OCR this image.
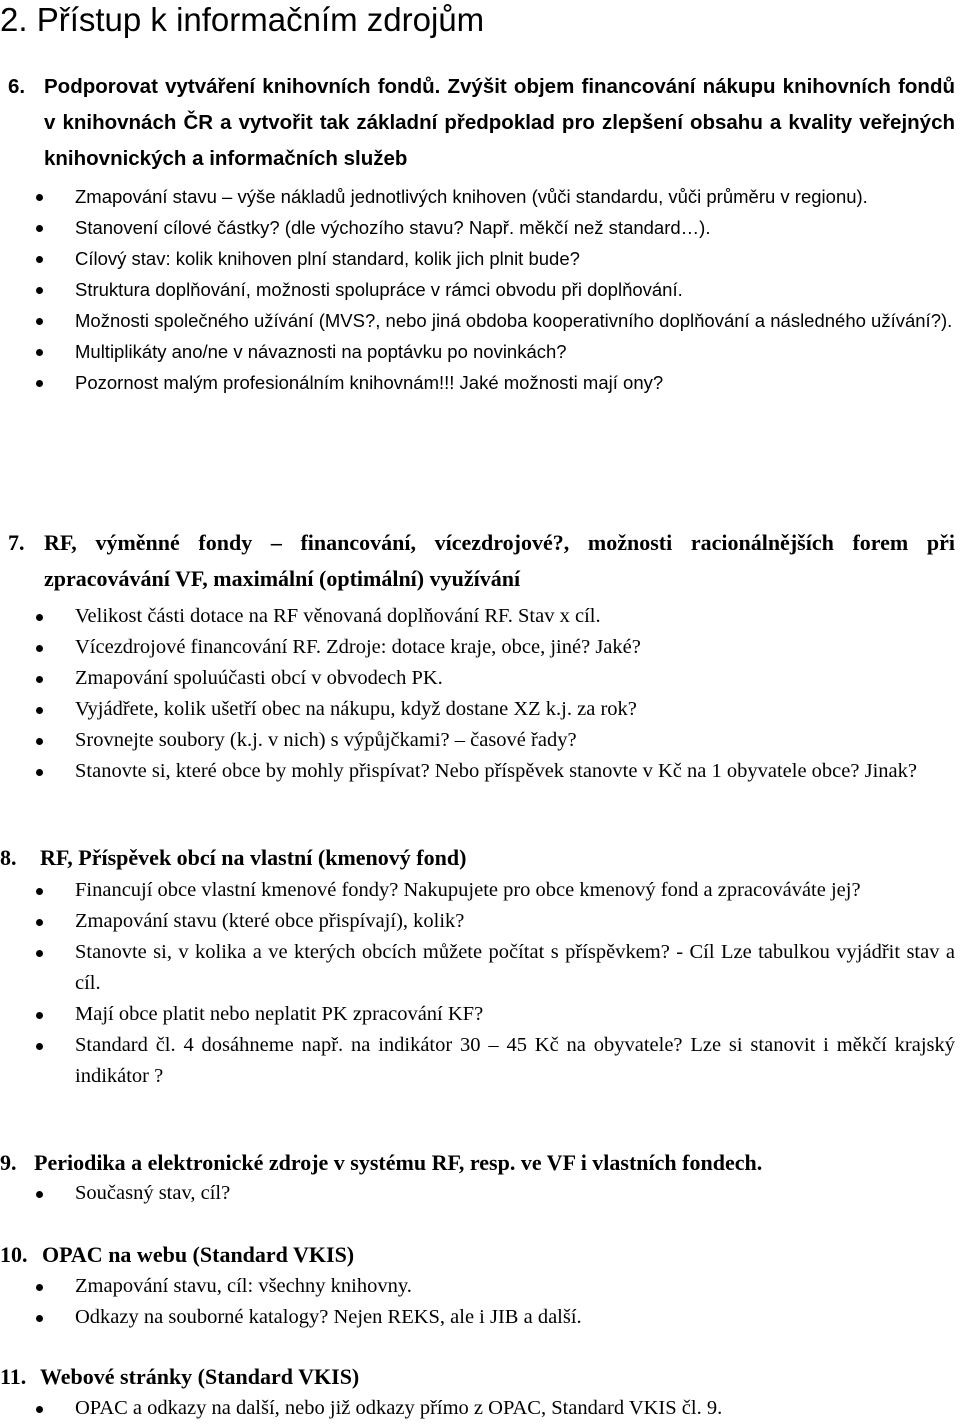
2. Přístup k informačním zdrojům
6. Podporovat vytváření knihovních fondů. Zvýšit objem financování nákupu knihovních fondů v knihovnách ČR a vytvořit tak základní předpoklad pro zlepšení obsahu a kvality veřejných knihovnických a informačních služeb
Zmapování stavu – výše nákladů jednotlivých knihoven (vůči standardu, vůči průměru v regionu).
Stanovení cílové částky? (dle výchozího stavu? Např. měkčí než standard…).
Cílový stav: kolik knihoven plní standard, kolik jich plnit bude?
Struktura doplňování, možnosti spolupráce v rámci obvodu při doplňování.
Možnosti společného užívání (MVS?, nebo jiná obdoba kooperativního doplňování a následného užívání?).
Multiplikáty ano/ne v návaznosti na poptávku po novinkách?
Pozornost malým profesionálním knihovnám!!! Jaké možnosti mají ony?
7. RF, výměnné fondy – financování, vícezdrojové?, možnosti racionálnějších forem při zpracovávání VF, maximální (optimální) využívání
Velikost části dotace na RF věnovaná doplňování RF. Stav x cíl.
Vícezdrojové financování RF. Zdroje: dotace kraje, obce, jiné? Jaké?
Zmapování spoluúčasti obcí v obvodech PK.
Vyjádřete, kolik ušetří obec na nákupu, když dostane XZ k.j. za rok?
Srovnejte soubory (k.j. v nich) s výpůjčkami? – časové řady?
Stanovte si, které obce by mohly přispívat? Nebo příspěvek stanovte v Kč na 1 obyvatele obce? Jinak?
8. RF, Příspěvek obcí na vlastní (kmenový fond)
Financují obce vlastní kmenové fondy? Nakupujete pro obce kmenový fond a zpracováváte jej?
Zmapování stavu (které obce přispívají), kolik?
Stanovte si, v kolika a ve kterých obcích můžete počítat s příspěvkem? - Cíl Lze tabulkou vyjádřit stav a cíl.
Mají obce platit nebo neplatit PK zpracování KF?
Standard čl. 4 dosáhneme např. na indikátor 30 – 45 Kč na obyvatele? Lze si stanovit i měkčí krajský indikátor ?
9. Periodika a elektronické zdroje v systému RF, resp. ve VF i vlastních fondech.
Současný stav, cíl?
10. OPAC na webu (Standard VKIS)
Zmapování stavu, cíl: všechny knihovny.
Odkazy na souborné katalogy? Nejen REKS, ale i JIB a další.
11. Webové stránky (Standard VKIS)
OPAC a odkazy na další, nebo již odkazy přímo z OPAC, Standard VKIS čl. 9.
